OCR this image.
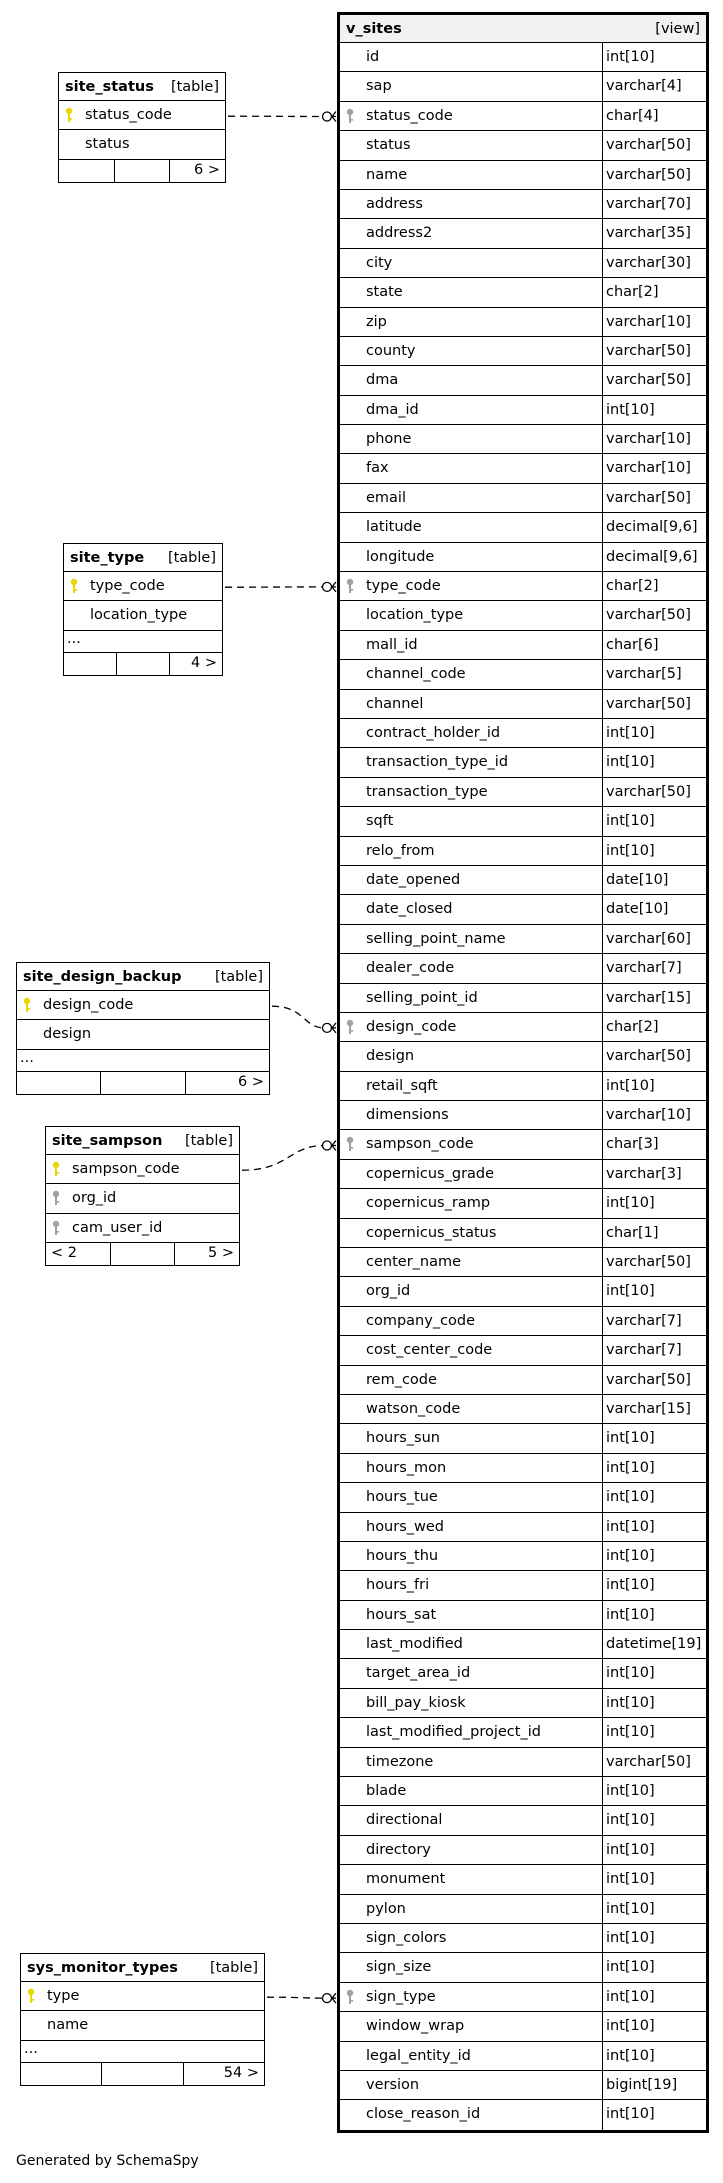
v_sites	[view]
id	int[10]
sap	varchar[4]
status_code	char[4]
status	varchar[50]
name	varchar[50]
address	varchar[70]
address2	varchar[35]
city	varchar[30]
state	char[2]
zip	varchar[10]
county	varchar[50]
dma	varchar[50]
dma_id	int[10]
phone	varchar[10]
fax	varchar[10]
email	varchar[50]
latitude	decimal[9,6]
longitude	decimal[9,6]
type_code	char[2]
location_type	varchar[50]
mall_id	char[6]
channel_code	varchar[5]
channel	varchar[50]
contract_holder_id	int[10]
transaction_type_id	int[10]
transaction_type	varchar[50]
sqft	int[10]
relo_from	int[10]
date_opened	date[10]
date_closed	date[10]
selling_point_name	varchar[60]
dealer_code	varchar[7]
selling_point_id	varchar[15]
design_code	char[2]
design	varchar[50]
retail_sqft	int[10]
dimensions	varchar[10]
sampson_code	char[3]
copernicus_grade	varchar[3]
copernicus_ramp	int[10]
copernicus_status	char[1]
center_name	varchar[50]
org_id	int[10]
company_code	varchar[7]
cost_center_code	varchar[7]
rem_code	varchar[50]
watson_code	varchar[15]
hours_sun	int[10]
hours_mon	int[10]
hours_tue	int[10]
hours_wed	int[10]
hours_thu	int[10]
hours_fri	int[10]
hours_sat	int[10]
last_modified	datetime[19]
target_area_id	int[10]
bill_pay_kiosk	int[10]
last_modified_project_id	int[10]
timezone	varchar[50]
blade	int[10]
directional	int[10]
directory	int[10]
monument	int[10]
pylon	int[10]
sign_colors	int[10]
sign_size	int[10]
sign_type	int[10]
window_wrap	int[10]
legal_entity_id	int[10]
version	bigint[19]
close_reason_id	int[10]
site_status [table]
status_code
status
6 >
site_type [table]
type_code
location_type
...
4 >
site_design_backup [table]
design_code
design
...
6 >
site_sampson [table]
sampson_code
org_id
cam_user_id
< 2	5 >
sys_monitor_types [table]
type
name
...
54 >
Generated by SchemaSpy
